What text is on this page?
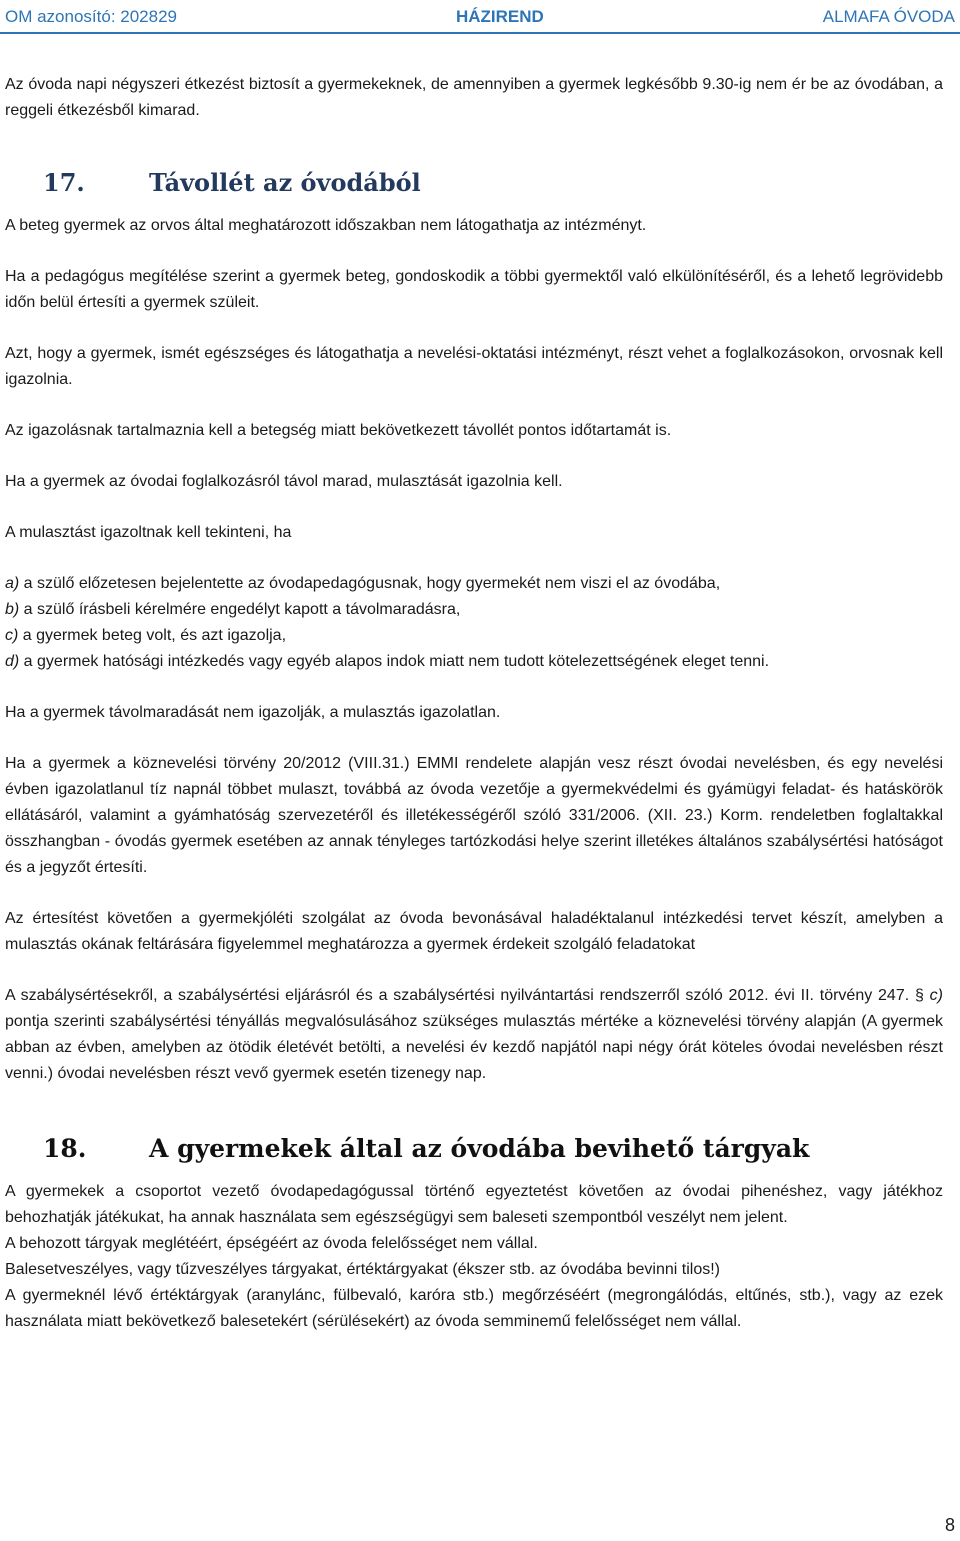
OM azonosító: 202829	HÁZIREND	ALMAFA ÓVODA

Az óvoda napi négyszeri étkezést biztosít a gyermekeknek, de amennyiben a gyermek legkésőbb 9.30-ig nem ér be az óvodában, a reggeli étkezésből kimarad.

17.	Távollét az óvodából

A beteg gyermek az orvos által meghatározott időszakban nem látogathatja az intézményt.

Ha a pedagógus megítélése szerint a gyermek beteg, gondoskodik a többi gyermektől való elkülönítéséről, és a lehető legrövidebb időn belül értesíti a gyermek szüleit.

Azt, hogy a gyermek, ismét egészséges és látogathatja a nevelési-oktatási intézményt, részt vehet a foglalkozásokon, orvosnak kell igazolnia.

Az igazolásnak tartalmaznia kell a betegség miatt bekövetkezett távollét pontos időtartamát is.

Ha a gyermek az óvodai foglalkozásról távol marad, mulasztását igazolnia kell.

A mulasztást igazoltnak kell tekinteni, ha

a) a szülő előzetesen bejelentette az óvodapedagógusnak, hogy gyermekét nem viszi el az óvodába,
b) a szülő írásbeli kérelmére engedélyt kapott a távolmaradásra,
c) a gyermek beteg volt, és azt igazolja,
d) a gyermek hatósági intézkedés vagy egyéb alapos indok miatt nem tudott kötelezettségének eleget tenni.

Ha a gyermek távolmaradását nem igazolják, a mulasztás igazolatlan.

Ha a gyermek a köznevelési törvény 20/2012 (VIII.31.) EMMI rendelete alapján vesz részt óvodai nevelésben, és egy nevelési évben igazolatlanul tíz napnál többet mulaszt, továbbá az óvoda vezetője a gyermekvédelmi és gyámügyi feladat- és hatáskörök ellátásáról, valamint a gyámhatóság szervezetéről és illetékességéről szóló 331/2006. (XII. 23.) Korm. rendeletben foglaltakkal összhangban - óvodás gyermek esetében az annak tényleges tartózkodási helye szerint illetékes általános szabálysértési hatóságot és a jegyzőt értesíti.

Az értesítést követően a gyermekjóléti szolgálat az óvoda bevonásával haladéktalanul intézkedési tervet készít, amelyben a mulasztás okának feltárására figyelemmel meghatározza a gyermek érdekeit szolgáló feladatokat

A szabálysértésekről, a szabálysértési eljárásról és a szabálysértési nyilvántartási rendszerről szóló 2012. évi II. törvény 247. § c) pontja szerinti szabálysértési tényállás megvalósulásához szükséges mulasztás mértéke a köznevelési törvény alapján (A gyermek abban az évben, amelyben az ötödik életévét betölti, a nevelési év kezdő napjától napi négy órát köteles óvodai nevelésben részt venni.) óvodai nevelésben részt vevő gyermek esetén tizenegy nap.

18.	A gyermekek által az óvodába bevihető tárgyak

A gyermekek a csoportot vezető óvodapedagógussal történő egyeztetést követően az óvodai pihenéshez, vagy játékhoz behozhatják játékukat, ha annak használata sem egészségügyi sem baleseti szempontból veszélyt nem jelent.

A behozott tárgyak meglétéért, épségéért az óvoda felelősséget nem vállal.

Balesetveszélyes, vagy tűzveszélyes tárgyakat, értéktárgyakat (ékszer stb. az óvodába bevinni tilos!)

A gyermeknél lévő értéktárgyak (aranylánc, fülbevaló, karóra stb.) megőrzéséért (megrongálódás, eltűnés, stb.), vagy az ezek használata miatt bekövetkező balesetekért (sérülésekért) az óvoda semminemű felelősséget nem vállal.

8
